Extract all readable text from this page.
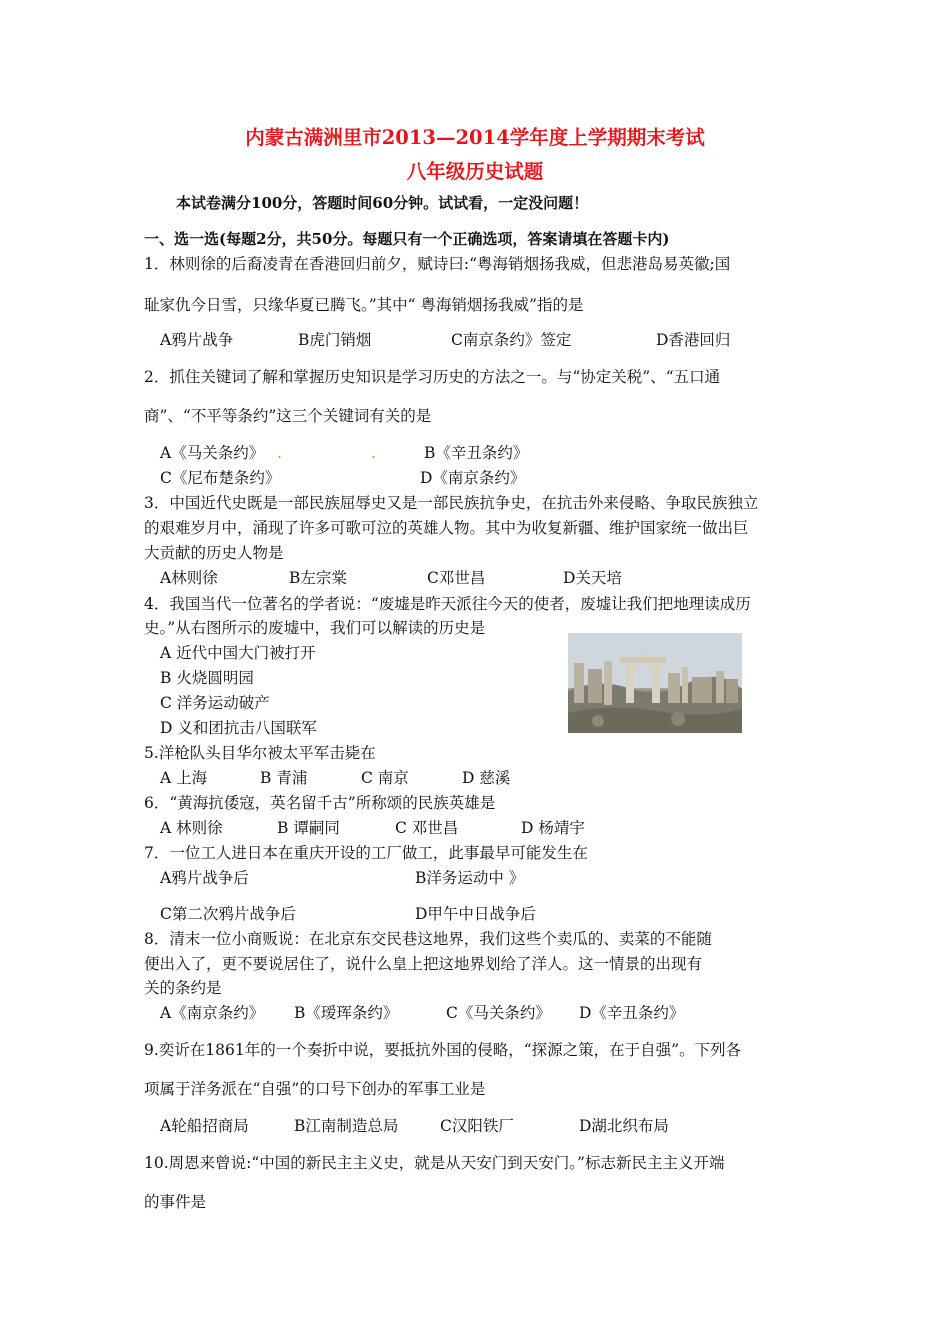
内蒙古满洲里市2013—2014学年度上学期期末考试
八年级历史试题
本试卷满分100分，答题时间60分钟。试试看，一定没问题！
一、选一选(每题2分，共50分。每题只有一个正确选项，答案请填在答题卡内)
1．林则徐的后裔凌青在香港回归前夕，赋诗曰:“粤海销烟扬我威，但悲港岛易英徽;国
耻家仇今日雪，只缘华夏已腾飞。”其中“ 粤海销烟扬我威”指的是
A鸦片战争	B虎门销烟	C南京条约》签定	D香港回归
2．抓住关键词了解和掌握历史知识是学习历史的方法之一。与“协定关税”、“五口通
商”、“不平等条约”这三个关键词有关的是
A《马关条约》 .	.	B《辛丑条约》
C《尼布楚条约》	D《南京条约》
3．中国近代史既是一部民族屈辱史又是一部民族抗争史，在抗击外来侵略、争取民族独立
的艰难岁月中，涌现了许多可歌可泣的英雄人物。其中为收复新疆、维护国家统一做出巨
大贡献的历史人物是
A林则徐	B左宗棠	C邓世昌	D关天培
4．我国当代一位著名的学者说：“废墟是昨天派往今天的使者，废墟让我们把地理读成历
史。”从右图所示的废墟中，我们可以解读的历史是
A 近代中国大门被打开
B 火烧圆明园
C 洋务运动破产
D 义和团抗击八国联军
5.洋枪队头目华尔被太平军击毙在
A 上海	B 青浦	C 南京	D 慈溪
6．“黄海抗倭寇，英名留千古”所称颂的民族英雄是
A 林则徐	B 谭嗣同	C 邓世昌	D 杨靖宇
7．一位工人进日本在重庆开设的工厂做工，此事最早可能发生在
A鸦片战争后	B洋务运动中 》
C第二次鸦片战争后	D甲午中日战争后
8．清末一位小商贩说：在北京东交民巷这地界，我们这些个卖瓜的、卖菜的不能随
便出入了，更不要说居住了，说什么皇上把这地界划给了洋人。这一情景的出现有
关的条约是
A《南京条约》 B《瑷珲条约》	C《马关条约》 D《辛丑条约》
9.奕䜣在1861年的一个奏折中说，要抵抗外国的侵略，“探源之策，在于自强”。下列各
项属于洋务派在“自强”的口号下创办的军事工业是
A轮船招商局	B江南制造总局	C汉阳铁厂	D湖北织布局
10.周恩来曾说:“中国的新民主主义史，就是从天安门到天安门。”标志新民主主义开端
的事件是
